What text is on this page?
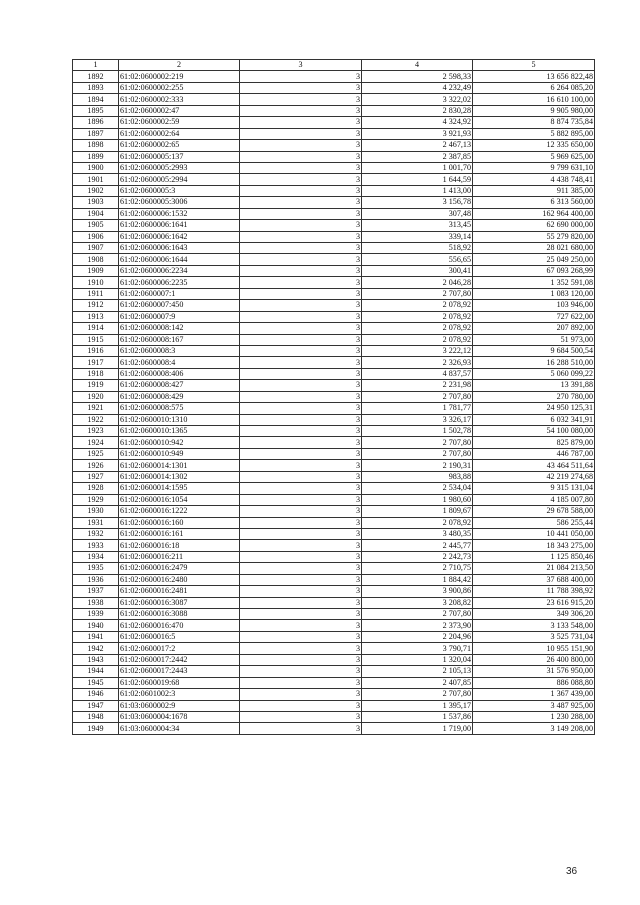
1	2	3	4	5
1892	61:02:0600002:219	3	2 598,33	13 656 822,48
1893	61:02:0600002:255	3	4 232,49	6 264 085,20
1894	61:02:0600002:333	3	3 322,02	16 610 100,00
1895	61:02:0600002:47	3	2 830,28	9 905 980,00
1896	61:02:0600002:59	3	4 324,92	8 874 735,84
1897	61:02:0600002:64	3	3 921,93	5 882 895,00
1898	61:02:0600002:65	3	2 467,13	12 335 650,00
1899	61:02:0600005:137	3	2 387,85	5 969 625,00
1900	61:02:0600005:2993	3	1 001,70	9 799 631,10
1901	61:02:0600005:2994	3	1 644,59	4 438 748,41
1902	61:02:0600005:3	3	1 413,00	911 385,00
1903	61:02:0600005:3006	3	3 156,78	6 313 560,00
1904	61:02:0600006:1532	3	307,48	162 964 400,00
1905	61:02:0600006:1641	3	313,45	62 690 000,00
1906	61:02:0600006:1642	3	339,14	55 279 820,00
1907	61:02:0600006:1643	3	518,92	28 021 680,00
1908	61:02:0600006:1644	3	556,65	25 049 250,00
1909	61:02:0600006:2234	3	300,41	67 093 268,99
1910	61:02:0600006:2235	3	2 046,28	1 352 591,08
1911	61:02:0600007:1	3	2 707,80	1 083 120,00
1912	61:02:0600007:450	3	2 078,92	103 946,00
1913	61:02:0600007:9	3	2 078,92	727 622,00
1914	61:02:0600008:142	3	2 078,92	207 892,00
1915	61:02:0600008:167	3	2 078,92	51 973,00
1916	61:02:0600008:3	3	3 222,12	9 684 500,54
1917	61:02:0600008:4	3	2 326,93	16 288 510,00
1918	61:02:0600008:406	3	4 837,57	5 060 099,22
1919	61:02:0600008:427	3	2 231,98	13 391,88
1920	61:02:0600008:429	3	2 707,80	270 780,00
1921	61:02:0600008:575	3	1 781,77	24 950 125,31
1922	61:02:0600010:1310	3	3 326,17	6 032 341,91
1923	61:02:0600010:1365	3	1 502,78	54 100 080,00
1924	61:02:0600010:942	3	2 707,80	825 879,00
1925	61:02:0600010:949	3	2 707,80	446 787,00
1926	61:02:0600014:1301	3	2 190,31	43 464 511,64
1927	61:02:0600014:1302	3	983,88	42 219 274,68
1928	61:02:0600014:1595	3	2 534,04	9 315 131,04
1929	61:02:0600016:1054	3	1 980,60	4 185 007,80
1930	61:02:0600016:1222	3	1 809,67	29 678 588,00
1931	61:02:0600016:160	3	2 078,92	586 255,44
1932	61:02:0600016:161	3	3 480,35	10 441 050,00
1933	61:02:0600016:18	3	2 445,77	18 343 275,00
1934	61:02:0600016:211	3	2 242,73	1 125 850,46
1935	61:02:0600016:2479	3	2 710,75	21 084 213,50
1936	61:02:0600016:2480	3	1 884,42	37 688 400,00
1937	61:02:0600016:2481	3	3 900,86	11 788 398,92
1938	61:02:0600016:3087	3	3 208,82	23 616 915,20
1939	61:02:0600016:3088	3	2 707,80	349 306,20
1940	61:02:0600016:470	3	2 373,90	3 133 548,00
1941	61:02:0600016:5	3	2 204,96	3 525 731,04
1942	61:02:0600017:2	3	3 790,71	10 955 151,90
1943	61:02:0600017:2442	3	1 320,04	26 400 800,00
1944	61:02:0600017:2443	3	2 105,13	31 576 950,00
1945	61:02:0600019:68	3	2 407,85	886 088,80
1946	61:02:0601002:3	3	2 707,80	1 367 439,00
1947	61:03:0600002:9	3	1 395,17	3 487 925,00
1948	61:03:0600004:1678	3	1 537,86	1 230 288,00
1949	61:03:0600004:34	3	1 719,00	3 149 208,00
36
